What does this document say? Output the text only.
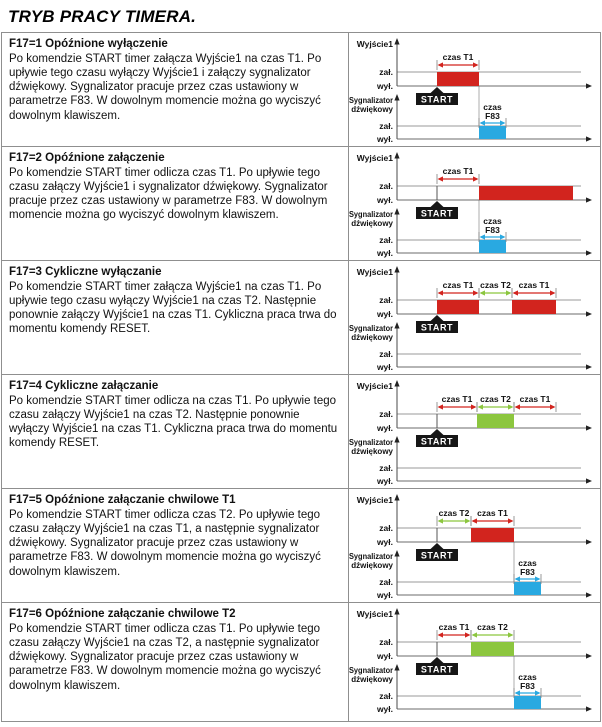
TRYB PRACY TIMERA.
F17=1 Opóźnione wyłączenie
Po komendzie START timer załącza Wyjście1 na czas T1. Po upływie tego czasu wyłączy Wyjście1 i załączy sygnalizator dźwiękowy. Sygnalizator pracuje przez czas ustawiony w parametrze F83. W dowolnym momencie można go wyciszyć dowolnym klawiszem.
Wyjście1
zał.
wył.
czas T1
START
Sygnalizator
dźwiękowy
zał.
wył.
czas
F83
F17=2 Opóźnione załączenie
Po komendzie START timer odlicza czas T1. Po upływie tego czasu załączy Wyjście1 i sygnalizator dźwiękowy. Sygnalizator pracuje przez czas ustawiony w parametrze F83. W dowolnym momencie można go wyciszyć dowolnym klawiszem.
Wyjście1
zał.
wył.
czas T1
START
Sygnalizator
dźwiękowy
zał.
wył.
czas
F83
F17=3 Cykliczne wyłączanie
Po komendzie START timer załącza Wyjście1 na czas T1. Po upływie tego czasu wyłączy Wyjście1 na czas T2. Następnie ponownie załączy Wyjście1 na czas T1. Cykliczna praca trwa do momentu komendy RESET.
Wyjście1
zał.
wył.
czas T1 czas T2 czas T1
START
Sygnalizator
dźwiękowy
zał.
wył.
F17=4 Cykliczne załączanie
Po komendzie START timer odlicza na czas T1. Po upływie tego czasu załączy Wyjście1 na czas T2. Następnie ponownie wyłączy Wyjście1 na czas T1. Cykliczna praca trwa do momentu komendy RESET.
Wyjście1
zał.
wył.
czas T1 czas T2 czas T1
START
Sygnalizator
dźwiękowy
zał.
wył.
F17=5 Opóźnione załączanie chwilowe T1
Po komendzie START timer odlicza czas T2. Po upływie tego czasu załączy Wyjście1 na czas T1, a następnie sygnalizator dźwiękowy. Sygnalizator pracuje przez czas ustawiony w parametrze F83. W dowolnym momencie można go wyciszyć dowolnym klawiszem.
Wyjście1
zał.
wył.
czas T2 czas T1
START
Sygnalizator
dźwiękowy
zał.
wył.
czas
F83
F17=6 Opóźnione załączanie chwilowe T2
Po komendzie START timer odlicza czas T1. Po upływie tego czasu załączy Wyjście1 na czas T2, a następnie sygnalizator dźwiękowy. Sygnalizator pracuje przez czas ustawiony w parametrze F83. W dowolnym momencie można go wyciszyć dowolnym klawiszem.
Wyjście1
zał.
wył.
czas T1 czas T2
START
Sygnalizator
dźwiękowy
zał.
wył.
czas
F83
